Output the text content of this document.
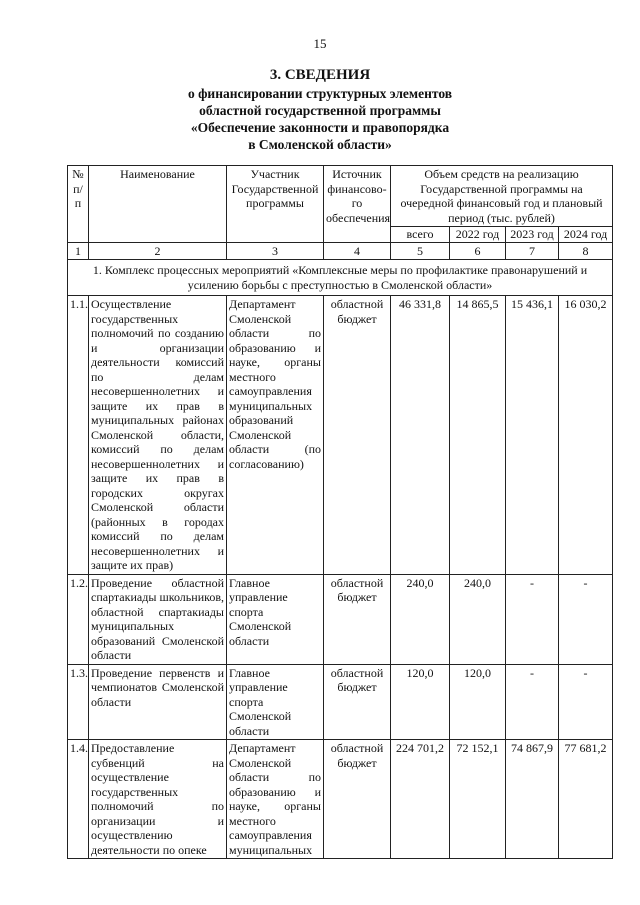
15
3. СВЕДЕНИЯ
о финансировании структурных элементов
областной государственной программы
«Обеспечение законности и правопорядка
в Смоленской области»
№ п/п	Наименование	Участник Государственной программы	Источник финансово-го обеспечения	Объем средств на реализацию Государственной программы на очередной финансовый год и плановый период (тыс. рублей)			
				всего	2022 год	2023 год	2024 год
1	2	3	4	5	6	7	8
1. Комплекс процессных мероприятий «Комплексные меры по профилактике правонарушений и усилению борьбы с преступностью в Смоленской области»							
1.1.	Осуществление государственных полномочий по созданию и организации деятельности комиссий по делам несовершеннолетних и защите их прав в муниципальных районах Смоленской области, комиссий по делам несовершеннолетних и защите их прав в городских округах Смоленской области (районных в городах комиссий по делам несовершеннолетних и защите их прав)	Департамент Смоленской области по образованию и науке, органы местного самоуправления муниципальных образований Смоленской области (по согласованию)	областной бюджет	46 331,8	14 865,5	15 436,1	16 030,2
1.2.	Проведение областной спартакиады школьников, областной спартакиады муниципальных образований Смоленской области	Главное управление спорта Смоленской области	областной бюджет	240,0	240,0	-	-
1.3.	Проведение первенств и чемпионатов Смоленской области	Главное управление спорта Смоленской области	областной бюджет	120,0	120,0	-	-
1.4.	Предоставление субвенций на осуществление государственных полномочий по организации и осуществлению деятельности по опеке	Департамент Смоленской области по образованию и науке, органы местного самоуправления муниципальных	областной бюджет	224 701,2	72 152,1	74 867,9	77 681,2
